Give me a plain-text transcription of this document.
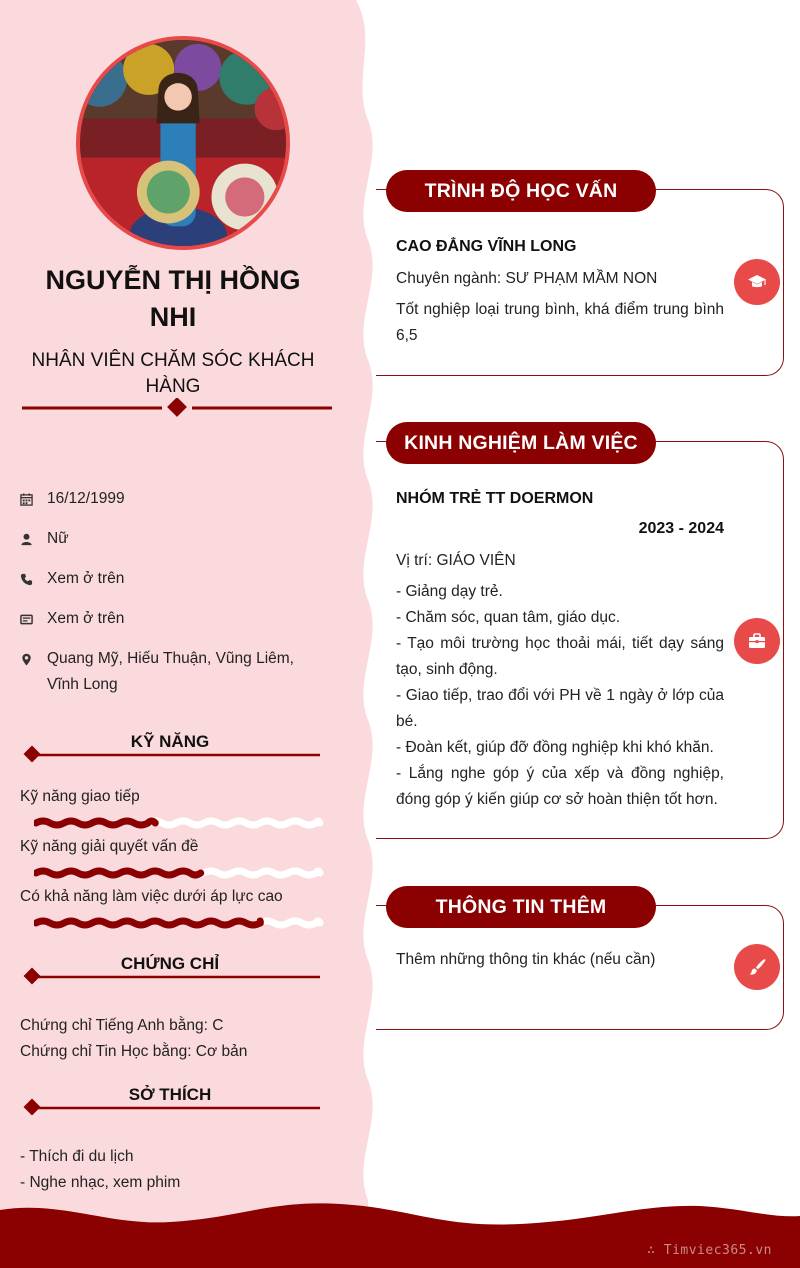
NGUYỄN THỊ HỒNG
NHI
NHÂN VIÊN CHĂM SÓC KHÁCH
HÀNG
16/12/1999
Nữ
Xem ở trên
Xem ở trên
Quang Mỹ, Hiếu Thuận, Vũng Liêm,
Vĩnh Long
KỸ NĂNG
Kỹ năng giao tiếp
Kỹ năng giải quyết vấn đề
Có khả năng làm việc dưới áp lực cao
CHỨNG CHỈ
Chứng chỉ Tiếng Anh bằng: C
Chứng chỉ Tin Học bằng: Cơ bản
SỞ THÍCH
- Thích đi du lịch
- Nghe nhạc, xem phim
TRÌNH ĐỘ HỌC VẤN
CAO ĐẲNG VĨNH LONG
Chuyên ngành: SƯ PHẠM MẦM NON
Tốt nghiệp loại trung bình, khá điểm trung bình 6,5
KINH NGHIỆM LÀM VIỆC
NHÓM TRẺ TT DOERMON
2023 - 2024
Vị trí: GIÁO VIÊN
- Giảng dạy trẻ.
- Chăm sóc, quan tâm, giáo dục.
- Tạo môi trường học thoải mái, tiết dạy sáng tạo, sinh động.
- Giao tiếp, trao đổi với PH về 1 ngày ở lớp của bé.
- Đoàn kết, giúp đỡ đồng nghiệp khi khó khăn.
- Lắng nghe góp ý của xếp và đồng nghiệp, đóng góp ý kiến giúp cơ sở hoàn thiện tốt hơn.
THÔNG TIN THÊM
Thêm những thông tin khác (nếu cần)
∴ Timviec365.vn
